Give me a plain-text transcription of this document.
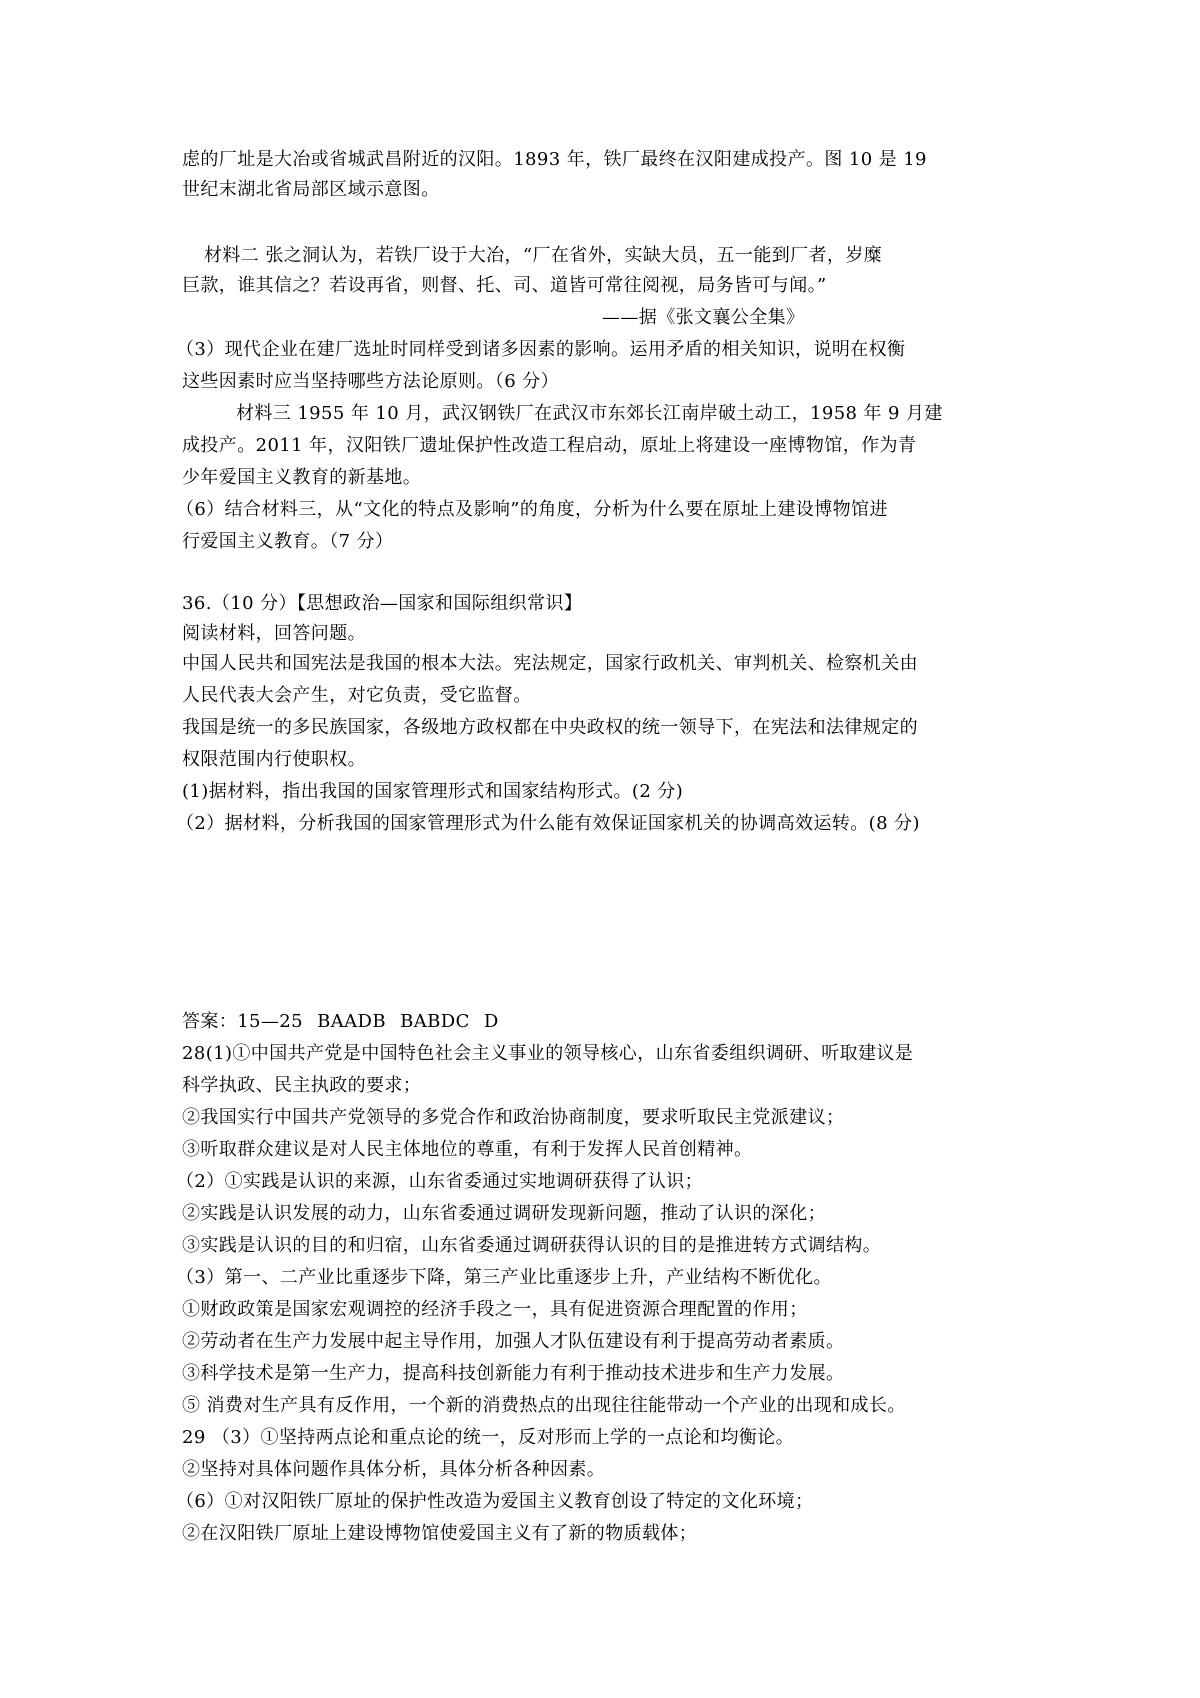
虑的厂址是大冶或省城武昌附近的汉阳。1893 年，铁厂最终在汉阳建成投产。图 10 是 19
世纪末湖北省局部区域示意图。
材料二 张之洞认为，若铁厂设于大冶，“厂在省外，实缺大员，五一能到厂者，岁糜
巨款，谁其信之？若设再省，则督、托、司、道皆可常往阅视，局务皆可与闻。”
——据《张文襄公全集》
（3）现代企业在建厂选址时同样受到诸多因素的影响。运用矛盾的相关知识，说明在权衡
这些因素时应当坚持哪些方法论原则。（6 分）
材料三 1955 年 10 月，武汉钢铁厂在武汉市东郊长江南岸破土动工，1958 年 9 月建
成投产。2011 年，汉阳铁厂遗址保护性改造工程启动，原址上将建设一座博物馆，作为青
少年爱国主义教育的新基地。
（6）结合材料三，从“文化的特点及影响”的角度，分析为什么要在原址上建设博物馆进
行爱国主义教育。（7 分）
36.（10 分）【思想政治—国家和国际组织常识】
阅读材料，回答问题。
中国人民共和国宪法是我国的根本大法。宪法规定，国家行政机关、审判机关、检察机关由
人民代表大会产生，对它负责，受它监督。
我国是统一的多民族国家，各级地方政权都在中央政权的统一领导下，在宪法和法律规定的
权限范围内行使职权。
(1)据材料，指出我国的国家管理形式和国家结构形式。(2 分)
（2）据材料，分析我国的国家管理形式为什么能有效保证国家机关的协调高效运转。(8 分)
答案：15—25 BAADB BABDC D
28(1)①中国共产党是中国特色社会主义事业的领导核心，山东省委组织调研、听取建议是
科学执政、民主执政的要求；
②我国实行中国共产党领导的多党合作和政治协商制度，要求听取民主党派建议；
③听取群众建议是对人民主体地位的尊重，有利于发挥人民首创精神。
（2）①实践是认识的来源，山东省委通过实地调研获得了认识；
②实践是认识发展的动力，山东省委通过调研发现新问题，推动了认识的深化；
③实践是认识的目的和归宿，山东省委通过调研获得认识的目的是推进转方式调结构。
（3）第一、二产业比重逐步下降，第三产业比重逐步上升，产业结构不断优化。
①财政政策是国家宏观调控的经济手段之一，具有促进资源合理配置的作用；
②劳动者在生产力发展中起主导作用，加强人才队伍建设有利于提高劳动者素质。
③科学技术是第一生产力，提高科技创新能力有利于推动技术进步和生产力发展。
⑤ 消费对生产具有反作用，一个新的消费热点的出现往往能带动一个产业的出现和成长。
29 （3）①坚持两点论和重点论的统一，反对形而上学的一点论和均衡论。
②坚持对具体问题作具体分析，具体分析各种因素。
（6）①对汉阳铁厂原址的保护性改造为爱国主义教育创设了特定的文化环境；
②在汉阳铁厂原址上建设博物馆使爱国主义有了新的物质载体；
